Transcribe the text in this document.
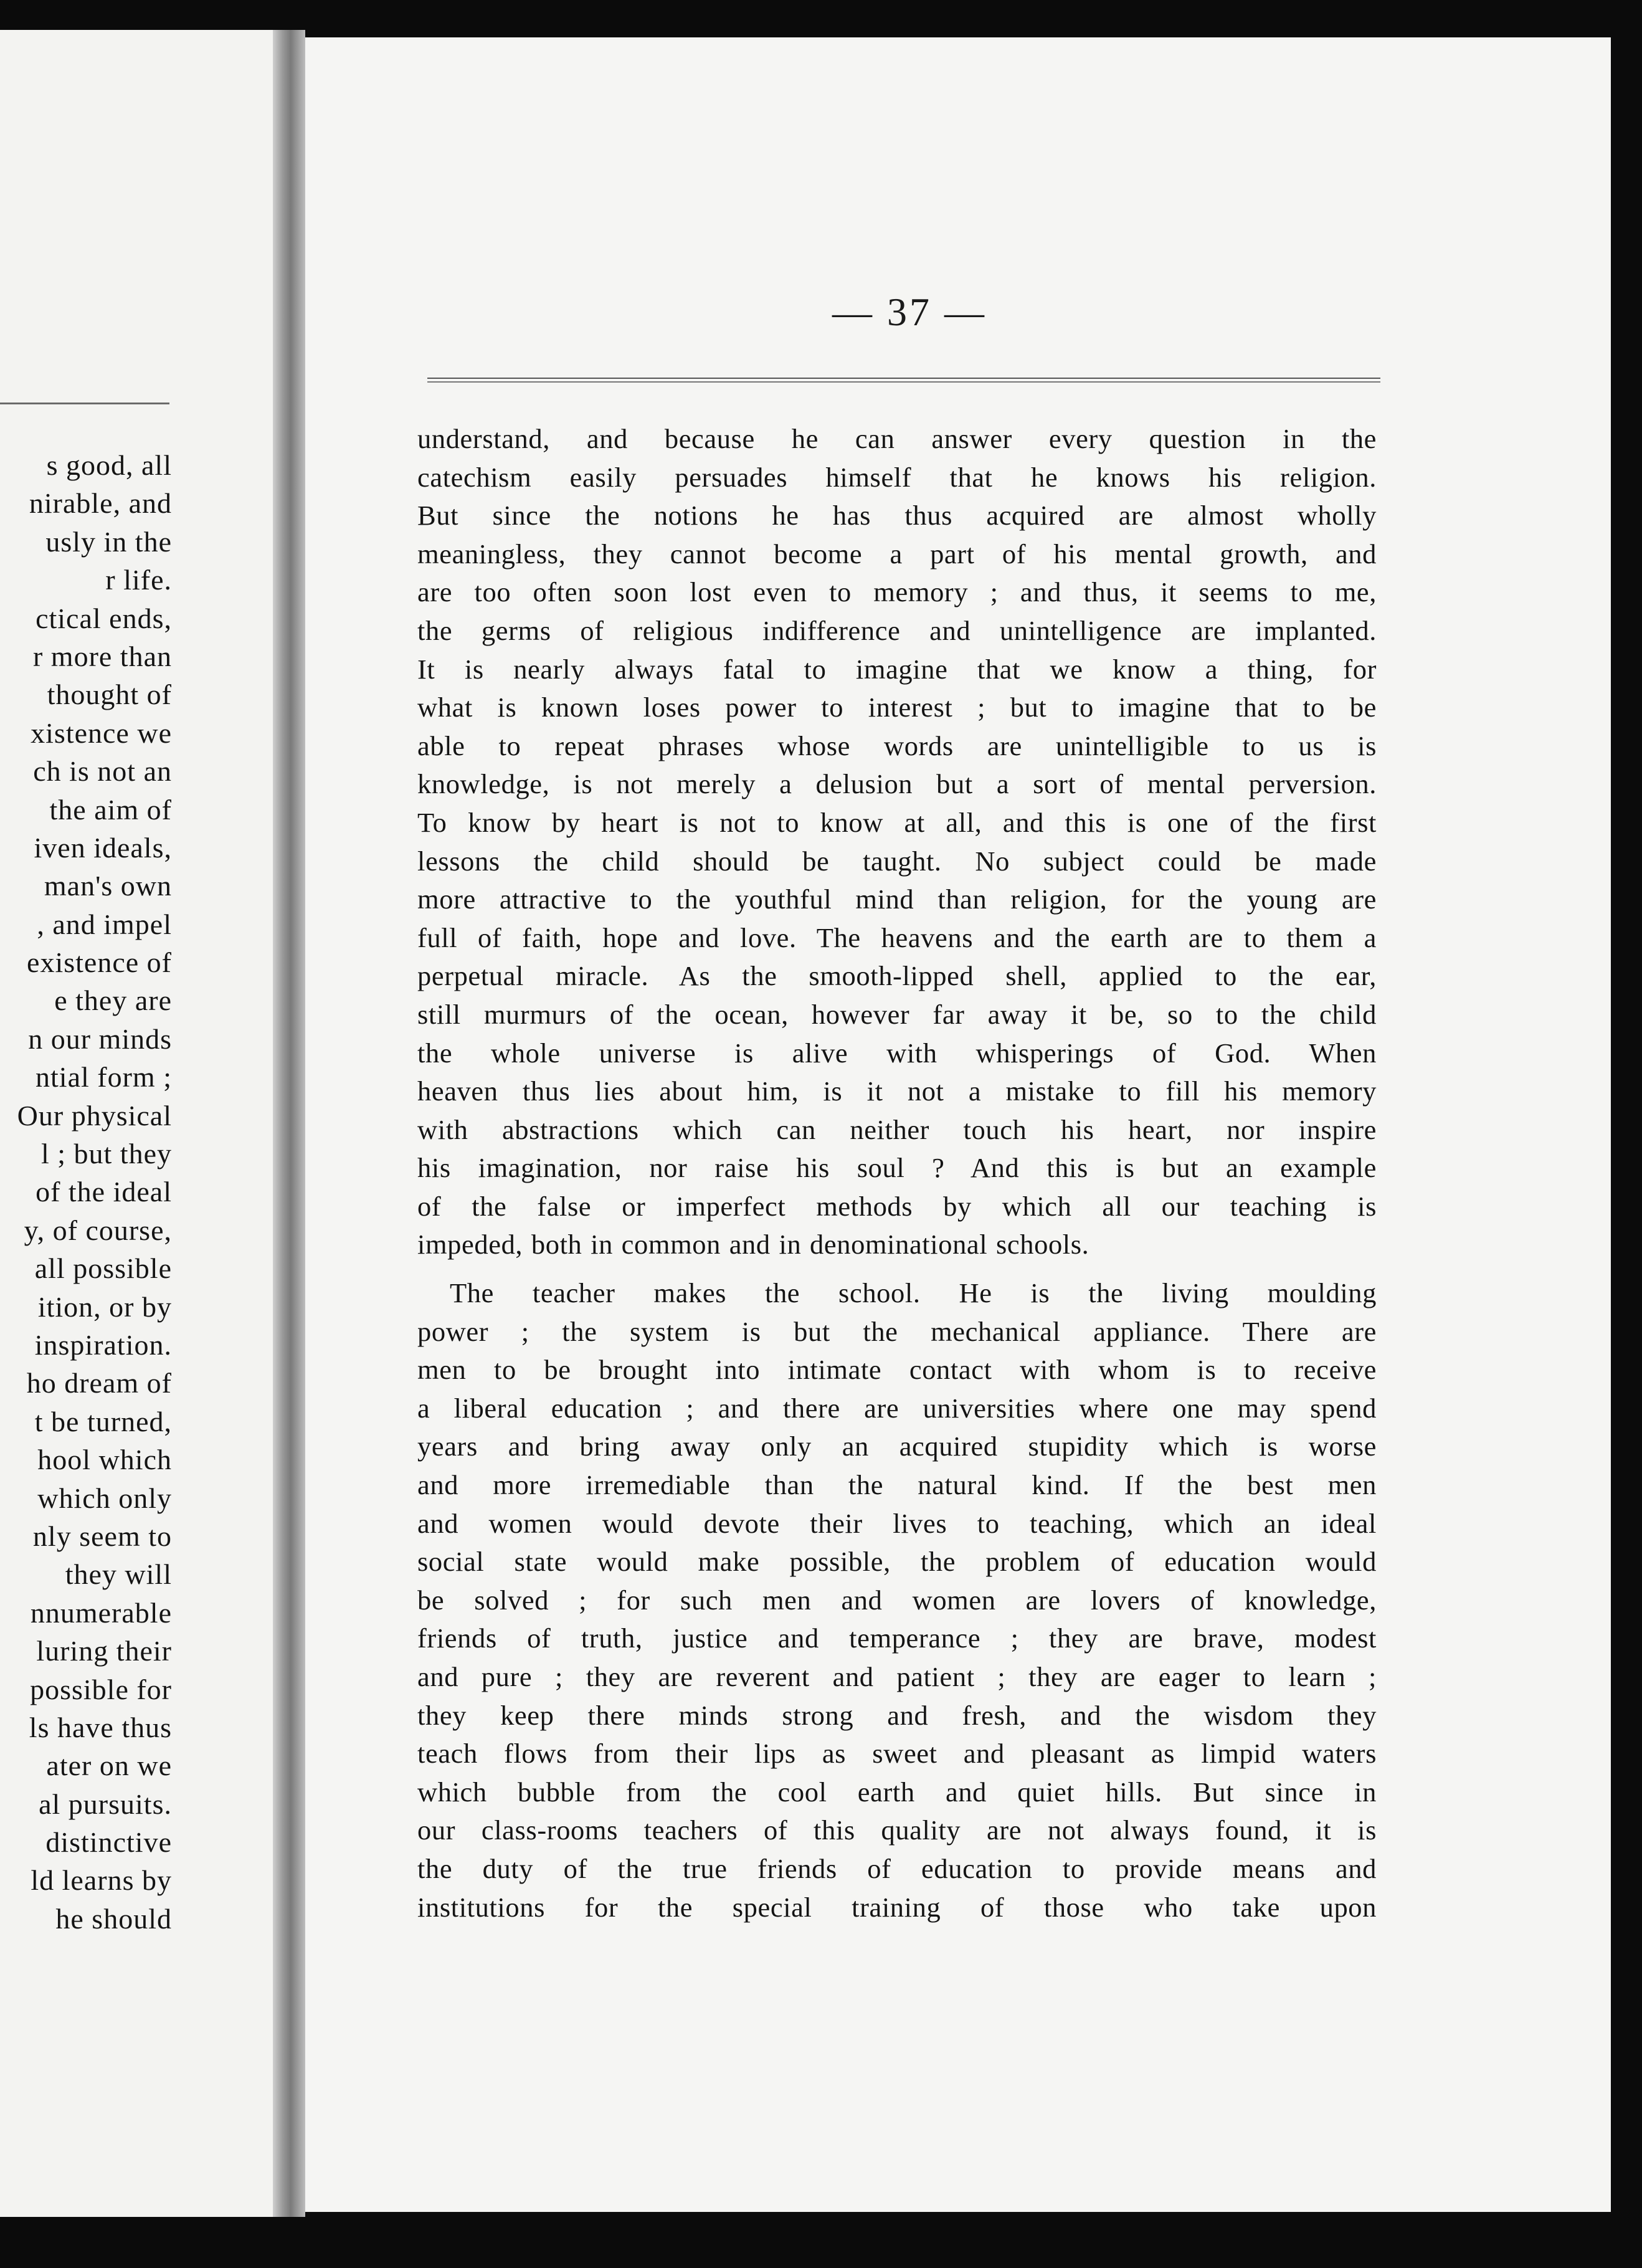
s good, all
nirable, and
usly in the
r life.
ctical ends,
r more than
thought of
xistence we
ch is not an
the aim of
iven ideals,
man's own
, and impel
existence of
e they are
n our minds
ntial form ;
Our physical
l ; but they
of the ideal
y, of course,
all possible
ition, or by
inspiration.
ho dream of
t be turned,
hool which
which only
nly seem to
they will
nnumerable
luring their
possible for
ls have thus
ater on we
al pursuits.
distinctive
ld learns by
he should
— 37 —
understand, and because he can answer every question in the
catechism easily persuades himself that he knows his religion.
But since the notions he has thus acquired are almost wholly
meaningless, they cannot become a part of his mental growth, and
are too often soon lost even to memory ; and thus, it seems to me,
the germs of religious indifference and unintelligence are implanted.
It is nearly always fatal to imagine that we know a thing, for
what is known loses power to interest ; but to imagine that to be
able to repeat phrases whose words are unintelligible to us is
knowledge, is not merely a delusion but a sort of mental perversion.
To know by heart is not to know at all, and this is one of the first
lessons the child should be taught. No subject could be made
more attractive to the youthful mind than religion, for the young are
full of faith, hope and love. The heavens and the earth are to them a
perpetual miracle. As the smooth-lipped shell, applied to the ear,
still murmurs of the ocean, however far away it be, so to the child
the whole universe is alive with whisperings of God. When
heaven thus lies about him, is it not a mistake to fill his memory
with abstractions which can neither touch his heart, nor inspire
his imagination, nor raise his soul ? And this is but an example
of the false or imperfect methods by which all our teaching is
impeded, both in common and in denominational schools.
The teacher makes the school. He is the living moulding
power ; the system is but the mechanical appliance. There are
men to be brought into intimate contact with whom is to receive
a liberal education ; and there are universities where one may spend
years and bring away only an acquired stupidity which is worse
and more irremediable than the natural kind. If the best men
and women would devote their lives to teaching, which an ideal
social state would make possible, the problem of education would
be solved ; for such men and women are lovers of knowledge,
friends of truth, justice and temperance ; they are brave, modest
and pure ; they are reverent and patient ; they are eager to learn ;
they keep there minds strong and fresh, and the wisdom they
teach flows from their lips as sweet and pleasant as limpid waters
which bubble from the cool earth and quiet hills. But since in
our class-rooms teachers of this quality are not always found, it is
the duty of the true friends of education to provide means and
institutions for the special training of those who take upon
